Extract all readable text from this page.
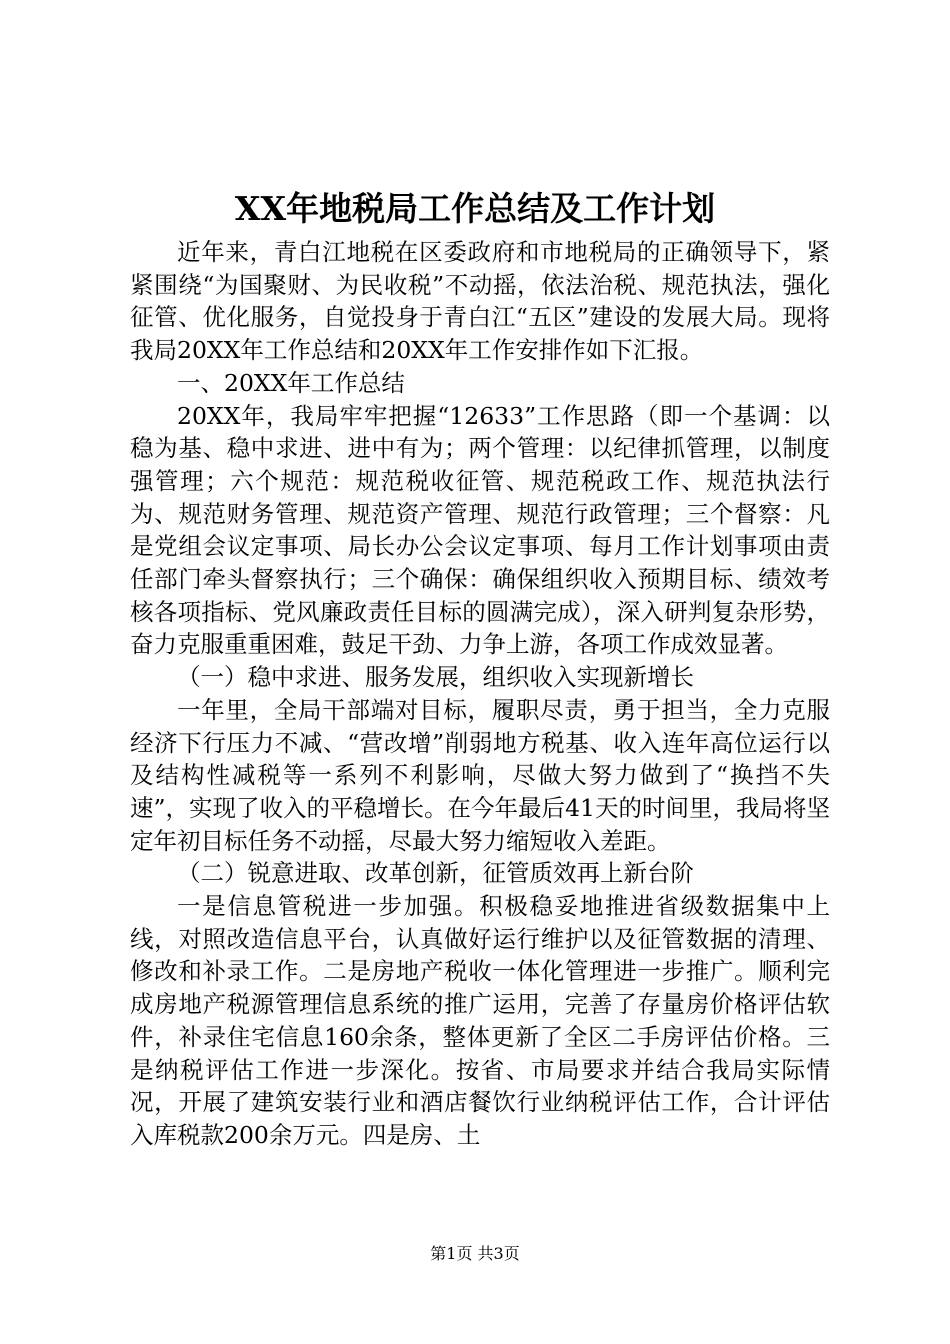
XX年地税局工作总结及工作计划

近年来，青白江地税在区委政府和市地税局的正确领导下，紧紧围绕“为国聚财、为民收税”不动摇，依法治税、规范执法，强化征管、优化服务，自觉投身于青白江“五区”建设的发展大局。现将我局20XX年工作总结和20XX年工作安排作如下汇报。

一、20XX年工作总结

20XX年，我局牢牢把握“12633”工作思路（即一个基调：以稳为基、稳中求进、进中有为；两个管理：以纪律抓管理，以制度强管理；六个规范：规范税收征管、规范税政工作、规范执法行为、规范财务管理、规范资产管理、规范行政管理；三个督察：凡是党组会议定事项、局长办公会议定事项、每月工作计划事项由责任部门牵头督察执行；三个确保：确保组织收入预期目标、绩效考核各项指标、党风廉政责任目标的圆满完成），深入研判复杂形势，奋力克服重重困难，鼓足干劲、力争上游，各项工作成效显著。

（一）稳中求进、服务发展，组织收入实现新增长

一年里，全局干部端对目标，履职尽责，勇于担当，全力克服经济下行压力不减、“营改增”削弱地方税基、收入连年高位运行以及结构性减税等一系列不利影响，尽做大努力做到了“换挡不失速”，实现了收入的平稳增长。在今年最后41天的时间里，我局将坚定年初目标任务不动摇，尽最大努力缩短收入差距。

（二）锐意进取、改革创新，征管质效再上新台阶

一是信息管税进一步加强。积极稳妥地推进省级数据集中上线，对照改造信息平台，认真做好运行维护以及征管数据的清理、修改和补录工作。二是房地产税收一体化管理进一步推广。顺利完成房地产税源管理信息系统的推广运用，完善了存量房价格评估软件，补录住宅信息160余条，整体更新了全区二手房评估价格。三是纳税评估工作进一步深化。按省、市局要求并结合我局实际情况，开展了建筑安装行业和酒店餐饮行业纳税评估工作，合计评估入库税款200余万元。四是房、土

第1页 共3页
